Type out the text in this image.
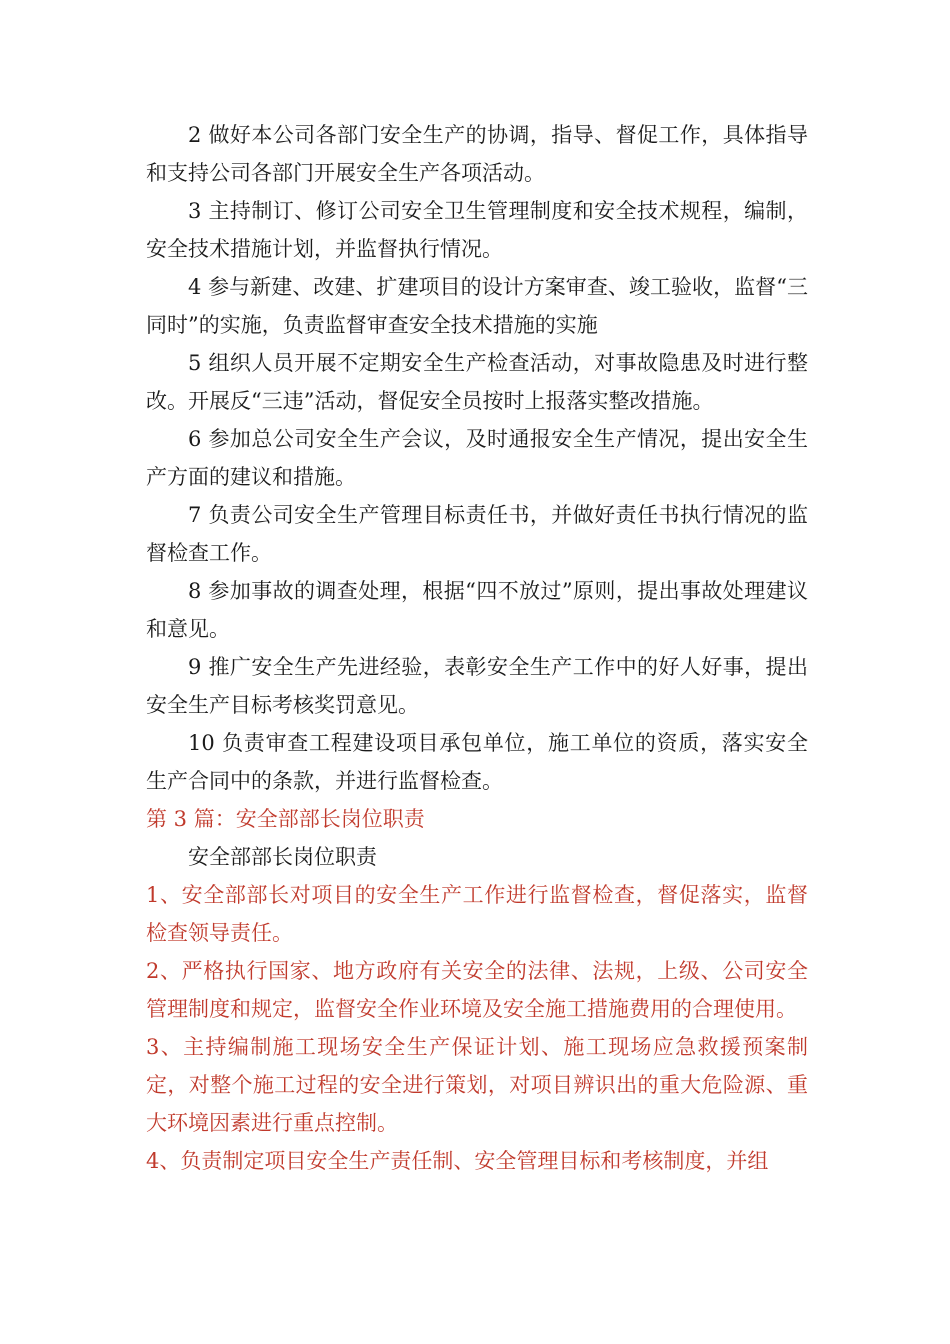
2 做好本公司各部门安全生产的协调，指导、督促工作，具体指导和支持公司各部门开展安全生产各项活动。

3 主持制订、修订公司安全卫生管理制度和安全技术规程，编制，安全技术措施计划，并监督执行情况。

4 参与新建、改建、扩建项目的设计方案审查、竣工验收，监督“三同时”的实施，负责监督审查安全技术措施的实施

5 组织人员开展不定期安全生产检查活动，对事故隐患及时进行整改。开展反“三违”活动，督促安全员按时上报落实整改措施。

6 参加总公司安全生产会议，及时通报安全生产情况，提出安全生产方面的建议和措施。

7 负责公司安全生产管理目标责任书，并做好责任书执行情况的监督检查工作。

8 参加事故的调查处理，根据“四不放过”原则，提出事故处理建议和意见。

9 推广安全生产先进经验，表彰安全生产工作中的好人好事，提出安全生产目标考核奖罚意见。

10 负责审查工程建设项目承包单位，施工单位的资质，落实安全生产合同中的条款，并进行监督检查。

第 3 篇：安全部部长岗位职责

安全部部长岗位职责

1、安全部部长对项目的安全生产工作进行监督检查，督促落实，监督检查领导责任。

2、严格执行国家、地方政府有关安全的法律、法规，上级、公司安全管理制度和规定，监督安全作业环境及安全施工措施费用的合理使用。

3、主持编制施工现场安全生产保证计划、施工现场应急救援预案制定，对整个施工过程的安全进行策划，对项目辨识出的重大危险源、重大环境因素进行重点控制。

4、负责制定项目安全生产责任制、安全管理目标和考核制度，并组
